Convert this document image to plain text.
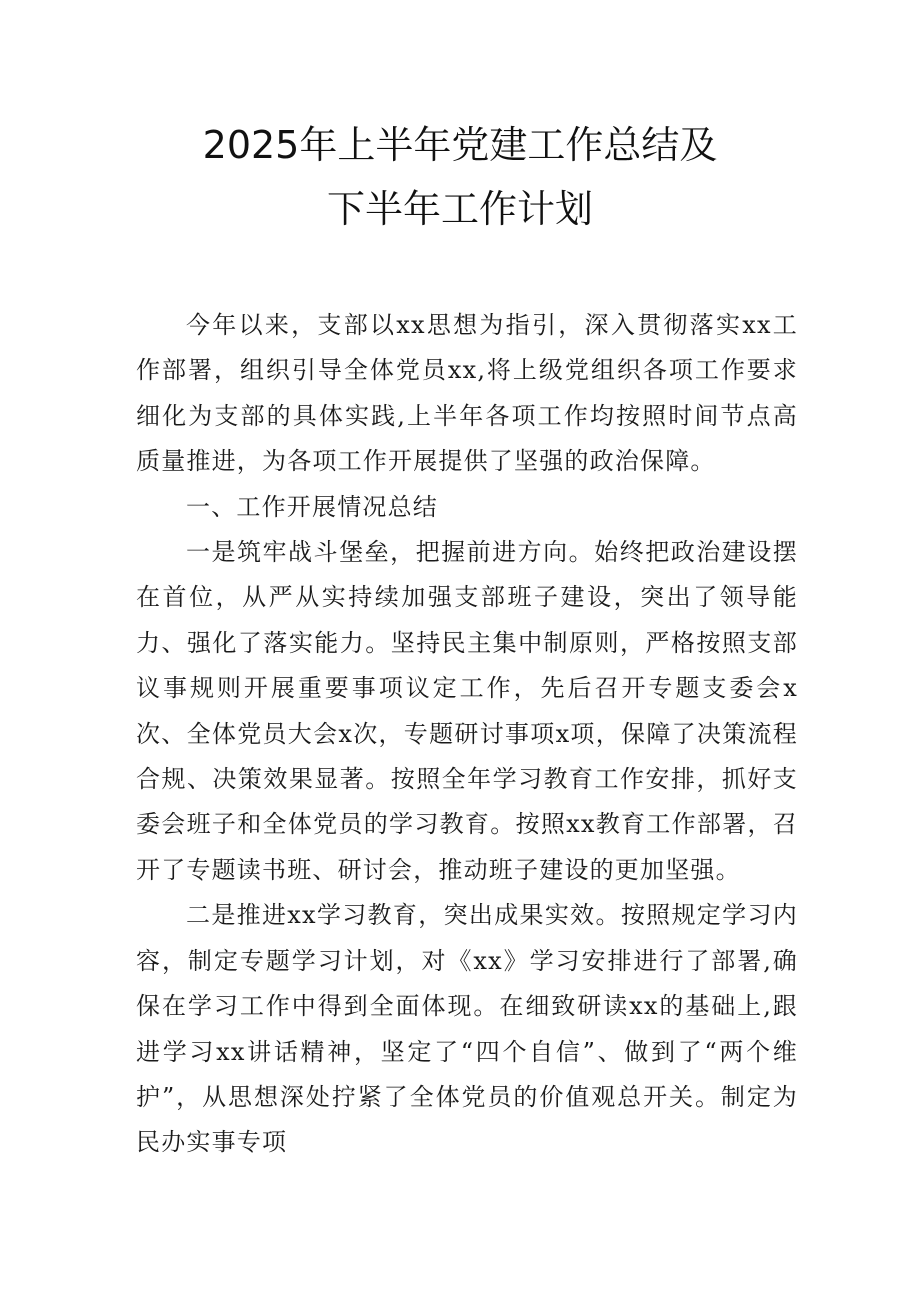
2025年上半年党建工作总结及
下半年工作计划

今年以来，支部以xx思想为指引，深入贯彻落实xx工作部署，组织引导全体党员xx,将上级党组织各项工作要求细化为支部的具体实践,上半年各项工作均按照时间节点高质量推进，为各项工作开展提供了坚强的政治保障。

一、工作开展情况总结

一是筑牢战斗堡垒，把握前进方向。始终把政治建设摆在首位，从严从实持续加强支部班子建设，突出了领导能力、强化了落实能力。坚持民主集中制原则，严格按照支部议事规则开展重要事项议定工作，先后召开专题支委会x次、全体党员大会x次，专题研讨事项x项，保障了决策流程合规、决策效果显著。按照全年学习教育工作安排，抓好支委会班子和全体党员的学习教育。按照xx教育工作部署，召开了专题读书班、研讨会，推动班子建设的更加坚强。

二是推进xx学习教育，突出成果实效。按照规定学习内容，制定专题学习计划，对《xx》学习安排进行了部署,确保在学习工作中得到全面体现。在细致研读xx的基础上,跟进学习xx讲话精神，坚定了“四个自信”、做到了“两个维护”，从思想深处拧紧了全体党员的价值观总开关。制定为民办实事专项
